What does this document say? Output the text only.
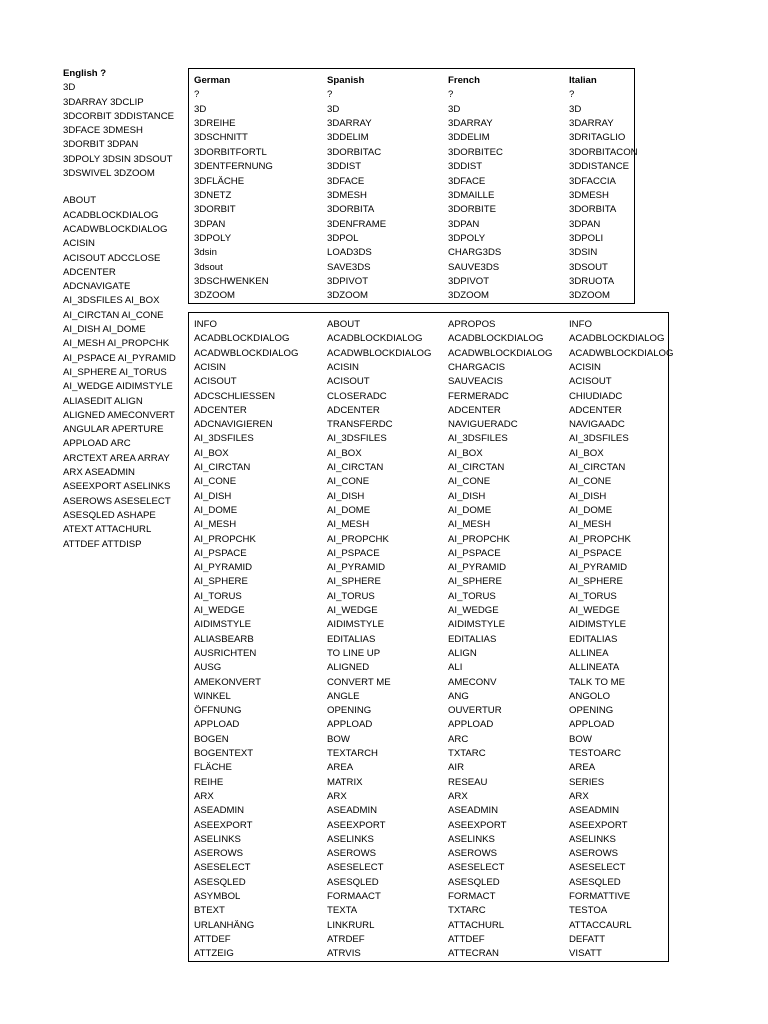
English ?
3D
3DARRAY 3DCLIP
3DCORBIT 3DDISTANCE
3DFACE 3DMESH
3DORBIT 3DPAN
3DPOLY 3DSIN 3DSOUT
3DSWIVEL 3DZOOM
ABOUT
ACADBLOCKDIALOG
ACADWBLOCKDIALOG
ACISIN
ACISOUT ADCCLOSE
ADCENTER
ADCNAVIGATE
AI_3DSFILES AI_BOX
AI_CIRCTAN AI_CONE
AI_DISH AI_DOME
AI_MESH AI_PROPCHK
AI_PSPACE AI_PYRAMID
AI_SPHERE AI_TORUS
AI_WEDGE AIDIMSTYLE
ALIASEDIT ALIGN
ALIGNED AMECONVERT
ANGULAR APERTURE
APPLOAD ARC
ARCTEXT AREA ARRAY
ARX ASEADMIN
ASEEXPORT ASELINKS
ASEROWS ASESELECT
ASESQLED ASHAPE
ATEXT ATTACHURL
ATTDEF ATTDISP
German	Spanish	French	Italian
?	?	?	?
3D	3D	3D	3D
3DREIHE	3DARRAY	3DARRAY	3DARRAY
3DSCHNITT	3DDELIM	3DDELIM	3DRITAGLIO
3DORBITFORTL	3DORBITAC	3DORBITEC	3DORBITACON
3DENTFERNUNG	3DDIST	3DDIST	3DDISTANCE
3DFLÄCHE	3DFACE	3DFACE	3DFACCIA
3DNETZ	3DMESH	3DMAILLE	3DMESH
3DORBIT	3DORBITA	3DORBITE	3DORBITA
3DPAN	3DENFRAME	3DPAN	3DPAN
3DPOLY	3DPOL	3DPOLY	3DPOLI
3dsin	LOAD3DS	CHARG3DS	3DSIN
3dsout	SAVE3DS	SAUVE3DS	3DSOUT
3DSCHWENKEN	3DPIVOT	3DPIVOT	3DRUOTA
3DZOOM	3DZOOM	3DZOOM	3DZOOM
INFO	ABOUT	APROPOS	INFO
ACADBLOCKDIALOG	ACADBLOCKDIALOG	ACADBLOCKDIALOG	ACADBLOCKDIALOG
ACADWBLOCKDIALOG	ACADWBLOCKDIALOG ACADWBLOCKDIALOG ACADWBLOCKDIALOG
ACISIN	ACISIN	CHARGACIS	ACISIN
ACISOUT	ACISOUT	SAUVEACIS	ACISOUT
ADCSCHLIESSEN	CLOSERADC	FERMERADC	CHIUDIADC
ADCENTER	ADCENTER	ADCENTER	ADCENTER
ADCNAVIGIEREN	TRANSFERDC	NAVIGUERADC	NAVIGAADC
AI_3DSFILES	AI_3DSFILES	AI_3DSFILES	AI_3DSFILES
AI_BOX	AI_BOX	AI_BOX	AI_BOX
AI_CIRCTAN	AI_CIRCTAN	AI_CIRCTAN	AI_CIRCTAN
AI_CONE	AI_CONE	AI_CONE	AI_CONE
AI_DISH	AI_DISH	AI_DISH	AI_DISH
AI_DOME	AI_DOME	AI_DOME	AI_DOME
AI_MESH	AI_MESH	AI_MESH	AI_MESH
AI_PROPCHK	AI_PROPCHK	AI_PROPCHK	AI_PROPCHK
AI_PSPACE	AI_PSPACE	AI_PSPACE	AI_PSPACE
AI_PYRAMID	AI_PYRAMID	AI_PYRAMID	AI_PYRAMID
AI_SPHERE	AI_SPHERE	AI_SPHERE	AI_SPHERE
AI_TORUS	AI_TORUS	AI_TORUS	AI_TORUS
AI_WEDGE	AI_WEDGE	AI_WEDGE	AI_WEDGE
AIDIMSTYLE	AIDIMSTYLE	AIDIMSTYLE	AIDIMSTYLE
ALIASBEARB	EDITALIAS	EDITALIAS	EDITALIAS
AUSRICHTEN	TO LINE UP	ALIGN	ALLINEA
AUSG	ALIGNED	ALI	ALLINEATA
AMEKONVERT	CONVERT ME	AMECONV	TALK TO ME
WINKEL	ANGLE	ANG	ANGOLO
ÖFFNUNG	OPENING	OUVERTUR	OPENING
APPLOAD	APPLOAD	APPLOAD	APPLOAD
BOGEN	BOW	ARC	BOW
BOGENTEXT	TEXTARCH	TXTARC	TESTOARC
FLÄCHE	AREA	AIR	AREA
REIHE	MATRIX	RESEAU	SERIES
ARX	ARX	ARX	ARX
ASEADMIN	ASEADMIN	ASEADMIN	ASEADMIN
ASEEXPORT	ASEEXPORT	ASEEXPORT	ASEEXPORT
ASELINKS	ASELINKS	ASELINKS	ASELINKS
ASEROWS	ASEROWS	ASEROWS	ASEROWS
ASESELECT	ASESELECT	ASESELECT	ASESELECT
ASESQLED	ASESQLED	ASESQLED	ASESQLED
ASYMBOL	FORMAACT	FORMACT	FORMATTIVE
BTEXT	TEXTA	TXTARC	TESTOA
URLANHÄNG	LINKRURL	ATTACHURL	ATTACCAURL
ATTDEF	ATRDEF	ATTDEF	DEFATT
ATTZEIG	ATRVIS	ATTECRAN	VISATT
